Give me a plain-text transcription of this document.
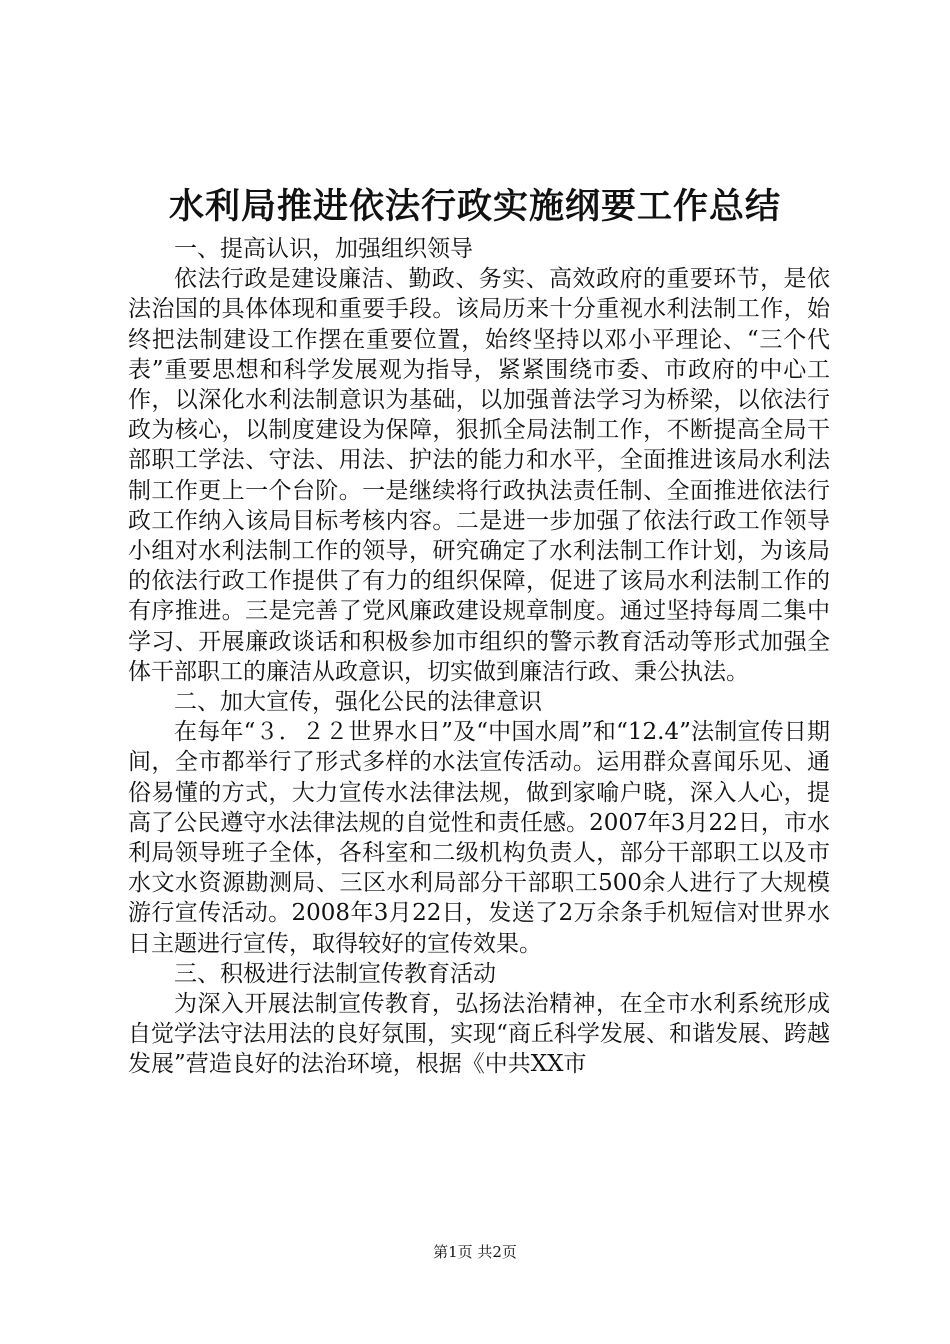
水利局推进依法行政实施纲要工作总结

一、提高认识，加强组织领导

依法行政是建设廉洁、勤政、务实、高效政府的重要环节，是依法治国的具体体现和重要手段。该局历来十分重视水利法制工作，始终把法制建设工作摆在重要位置，始终坚持以邓小平理论、“三个代表”重要思想和科学发展观为指导，紧紧围绕市委、市政府的中心工作，以深化水利法制意识为基础，以加强普法学习为桥梁，以依法行政为核心，以制度建设为保障，狠抓全局法制工作，不断提高全局干部职工学法、守法、用法、护法的能力和水平，全面推进该局水利法制工作更上一个台阶。一是继续将行政执法责任制、全面推进依法行政工作纳入该局目标考核内容。二是进一步加强了依法行政工作领导小组对水利法制工作的领导，研究确定了水利法制工作计划，为该局的依法行政工作提供了有力的组织保障，促进了该局水利法制工作的有序推进。三是完善了党风廉政建设规章制度。通过坚持每周二集中学习、开展廉政谈话和积极参加市组织的警示教育活动等形式加强全体干部职工的廉洁从政意识，切实做到廉洁行政、秉公执法。

二、加大宣传，强化公民的法律意识

在每年“３．２２世界水日”及“中国水周”和“12.4”法制宣传日期间，全市都举行了形式多样的水法宣传活动。运用群众喜闻乐见、通俗易懂的方式，大力宣传水法律法规，做到家喻户晓，深入人心，提高了公民遵守水法律法规的自觉性和责任感。2007年3月22日，市水利局领导班子全体，各科室和二级机构负责人，部分干部职工以及市水文水资源勘测局、三区水利局部分干部职工500余人进行了大规模游行宣传活动。2008年3月22日，发送了2万余条手机短信对世界水日主题进行宣传，取得较好的宣传效果。

三、积极进行法制宣传教育活动

为深入开展法制宣传教育，弘扬法治精神，在全市水利系统形成自觉学法守法用法的良好氛围，实现“商丘科学发展、和谐发展、跨越发展”营造良好的法治环境，根据《中共XX市

第1页 共2页
